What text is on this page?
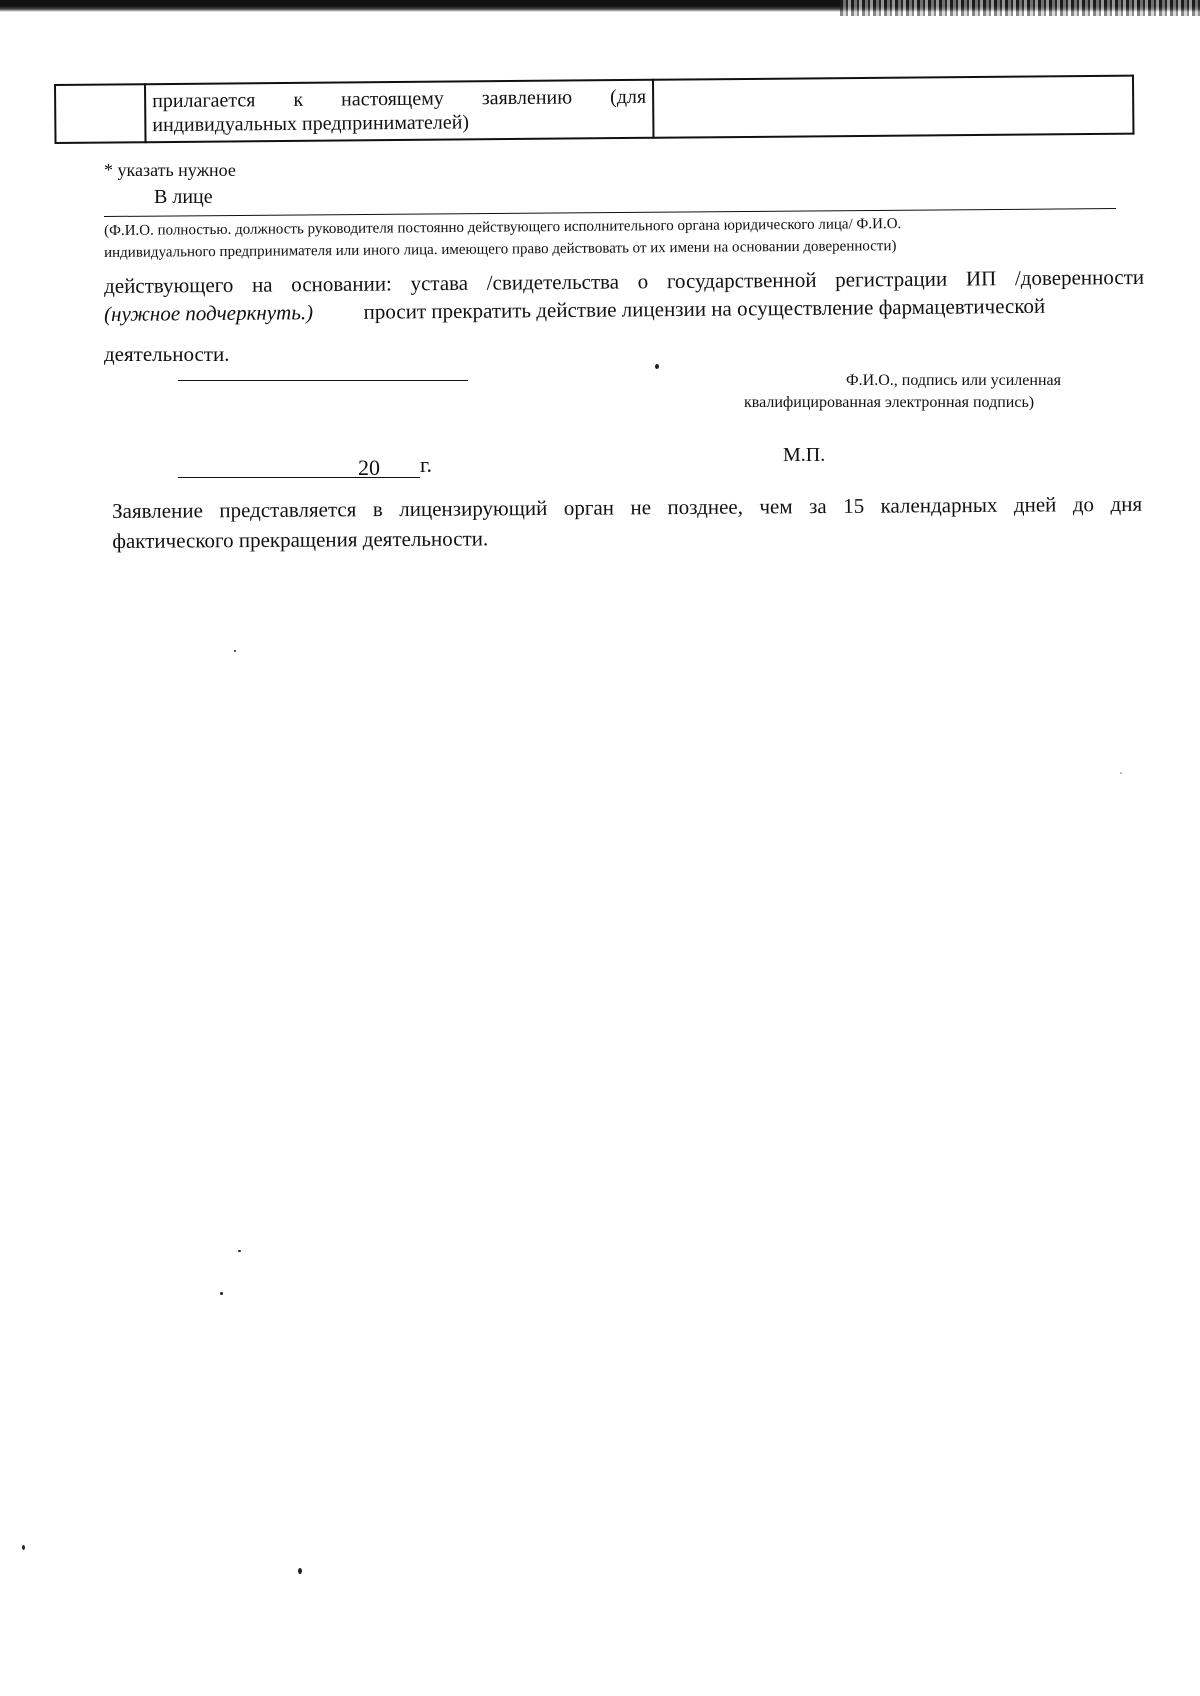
прилагается к настоящему заявлению (для
индивидуальных предпринимателей)

* указать нужное
В лице
(Ф.И.О. полностью. должность руководителя постоянно действующего исполнительного органа юридического лица/ Ф.И.О.
индивидуального предпринимателя или иного лица. имеющего право действовать от их имени на основании доверенности)
действующего на основании: устава /свидетельства о государственной регистрации ИП /доверенности
(нужное подчеркнуть.) просит прекратить действие лицензии на осуществление фармацевтической
деятельности.
Ф.И.О., подпись или усиленная
квалифицированная электронная подпись)
20 г.	М.П.
Заявление представляется в лицензирующий орган не позднее, чем за 15 календарных дней до дня
фактического прекращения деятельности.
